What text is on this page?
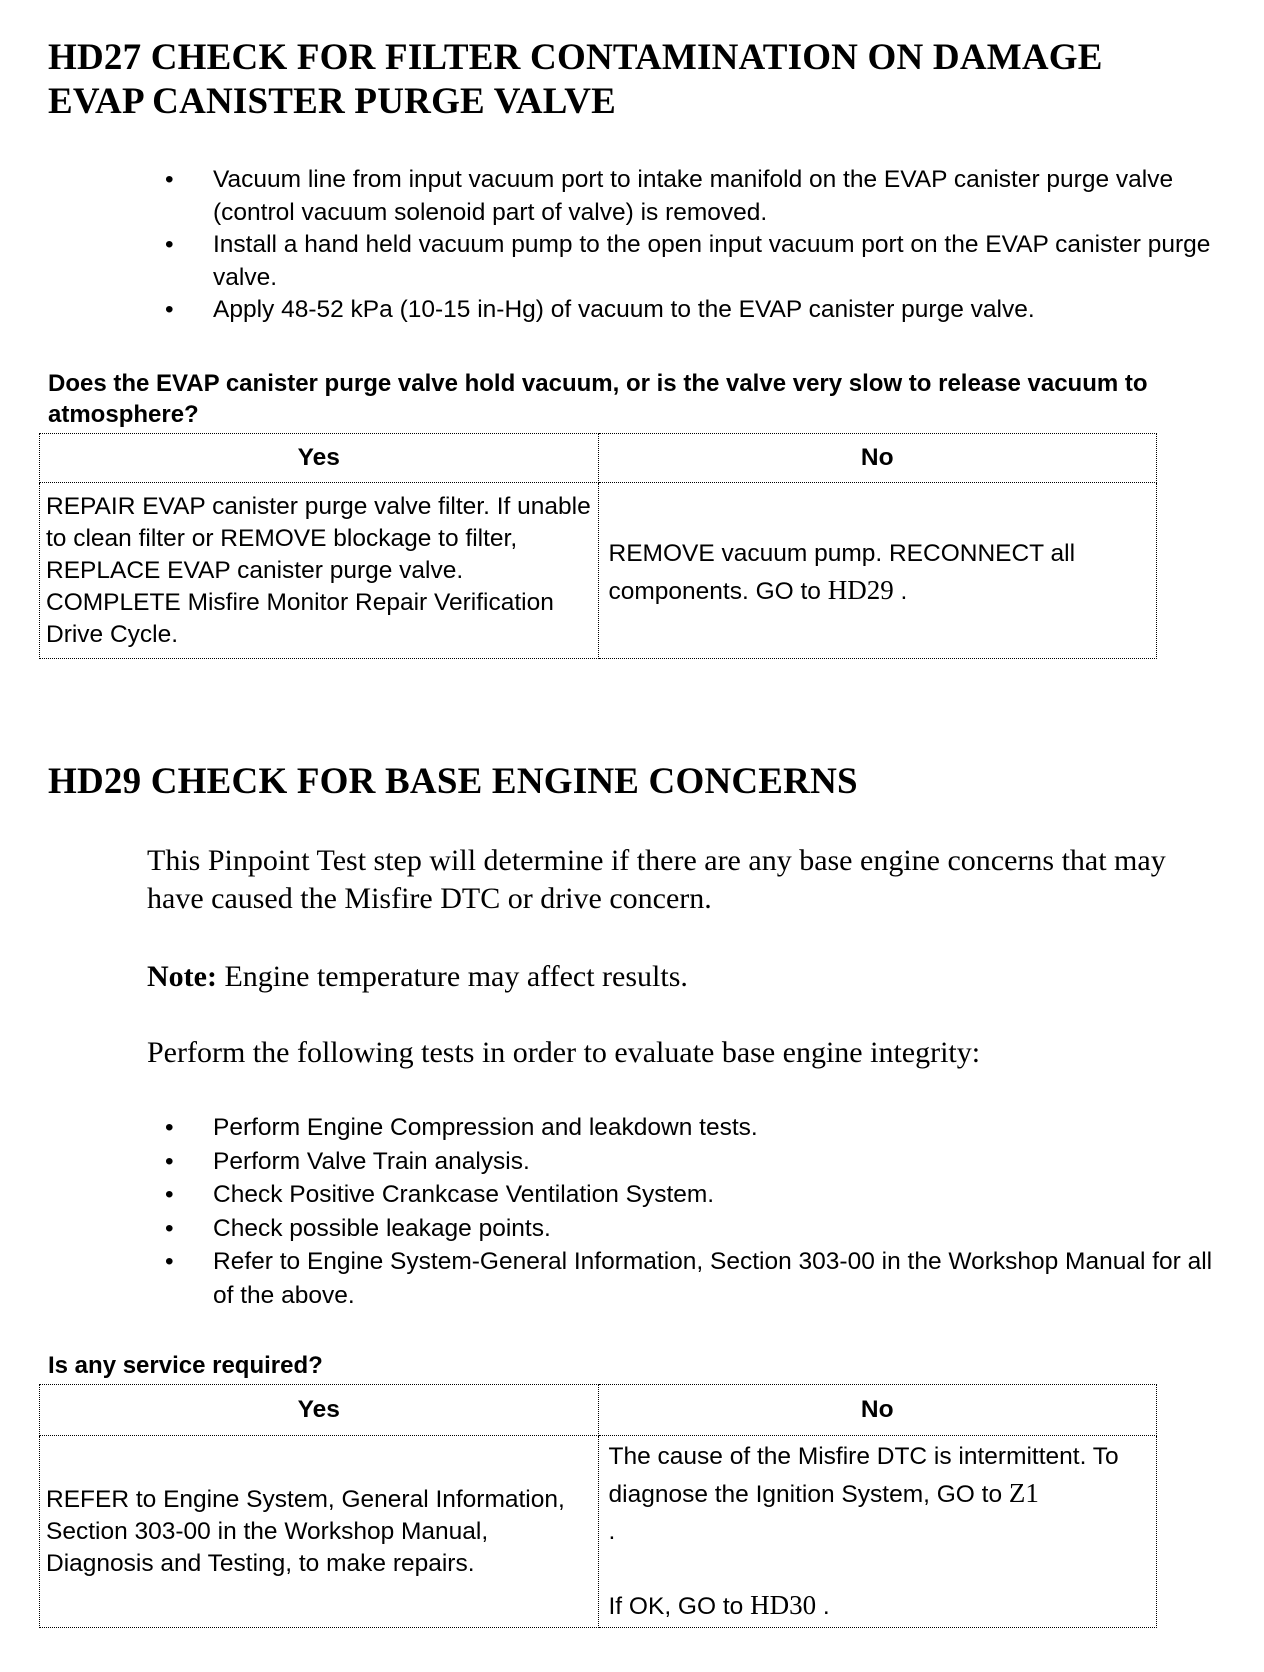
HD27 CHECK FOR FILTER CONTAMINATION ON DAMAGE
EVAP CANISTER PURGE VALVE
• Vacuum line from input vacuum port to intake manifold on the EVAP canister purge valve (control vacuum solenoid part of valve) is removed.
• Install a hand held vacuum pump to the open input vacuum port on the EVAP canister purge valve.
• Apply 48-52 kPa (10-15 in-Hg) of vacuum to the EVAP canister purge valve.
Does the EVAP canister purge valve hold vacuum, or is the valve very slow to release vacuum to atmosphere?
Yes	No
REPAIR EVAP canister purge valve filter. If unable to clean filter or REMOVE blockage to filter, REPLACE EVAP canister purge valve. COMPLETE Misfire Monitor Repair Verification Drive Cycle.	REMOVE vacuum pump. RECONNECT all components. GO to HD29 .
HD29 CHECK FOR BASE ENGINE CONCERNS
This Pinpoint Test step will determine if there are any base engine concerns that may have caused the Misfire DTC or drive concern.
Note: Engine temperature may affect results.
Perform the following tests in order to evaluate base engine integrity:
• Perform Engine Compression and leakdown tests.
• Perform Valve Train analysis.
• Check Positive Crankcase Ventilation System.
• Check possible leakage points.
• Refer to Engine System-General Information, Section 303-00 in the Workshop Manual for all of the above.
Is any service required?
Yes	No
REFER to Engine System, General Information, Section 303-00 in the Workshop Manual, Diagnosis and Testing, to make repairs.	The cause of the Misfire DTC is intermittent. To diagnose the Ignition System, GO to Z1
.

If OK, GO to HD30 .
